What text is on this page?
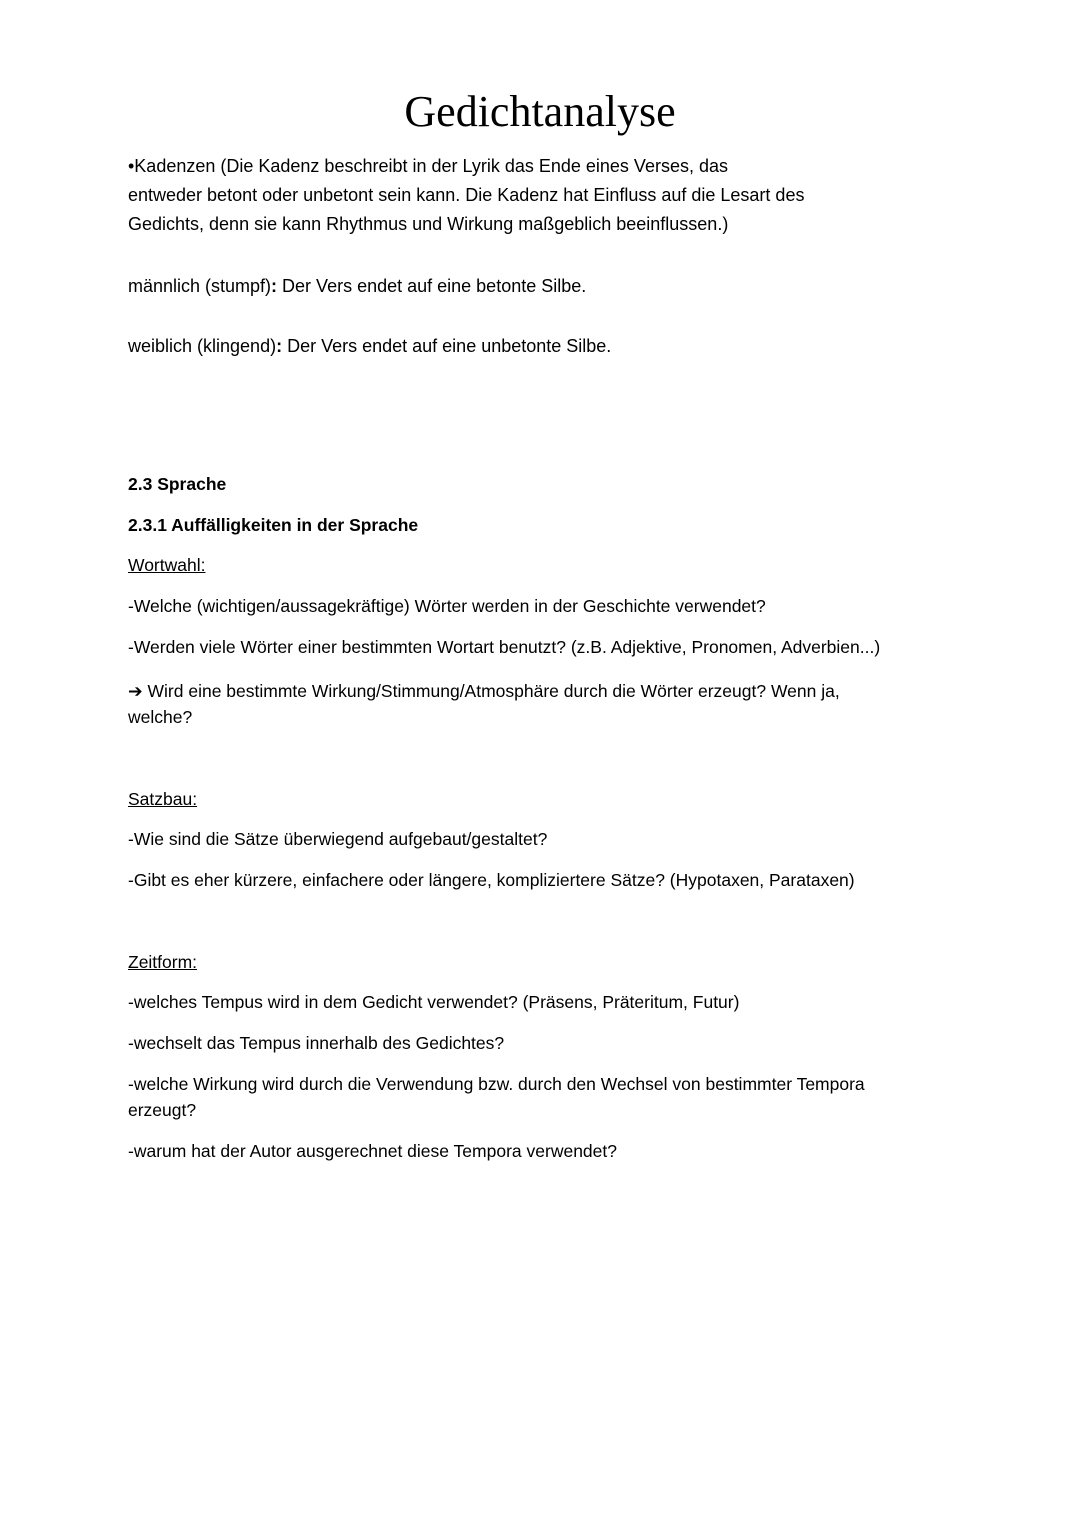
Gedichtanalyse
•Kadenzen (Die Kadenz beschreibt in der Lyrik das Ende eines Verses, das
entweder betont oder unbetont sein kann. Die Kadenz hat Einfluss auf die Lesart des
Gedichts, denn sie kann Rhythmus und Wirkung maßgeblich beeinflussen.)
männlich (stumpf): Der Vers endet auf eine betonte Silbe.
weiblich (klingend): Der Vers endet auf eine unbetonte Silbe.
2.3 Sprache
2.3.1 Auffälligkeiten in der Sprache
Wortwahl:
-Welche (wichtigen/aussagekräftige) Wörter werden in der Geschichte verwendet?
-Werden viele Wörter einer bestimmten Wortart benutzt? (z.B. Adjektive, Pronomen, Adverbien...)
➔ Wird eine bestimmte Wirkung/Stimmung/Atmosphäre durch die Wörter erzeugt? Wenn ja,
welche?
Satzbau:
-Wie sind die Sätze überwiegend aufgebaut/gestaltet?
-Gibt es eher kürzere, einfachere oder längere, kompliziertere Sätze? (Hypotaxen, Parataxen)
Zeitform:
-welches Tempus wird in dem Gedicht verwendet? (Präsens, Präteritum, Futur)
-wechselt das Tempus innerhalb des Gedichtes?
-welche Wirkung wird durch die Verwendung bzw. durch den Wechsel von bestimmter Tempora
erzeugt?
-warum hat der Autor ausgerechnet diese Tempora verwendet?
